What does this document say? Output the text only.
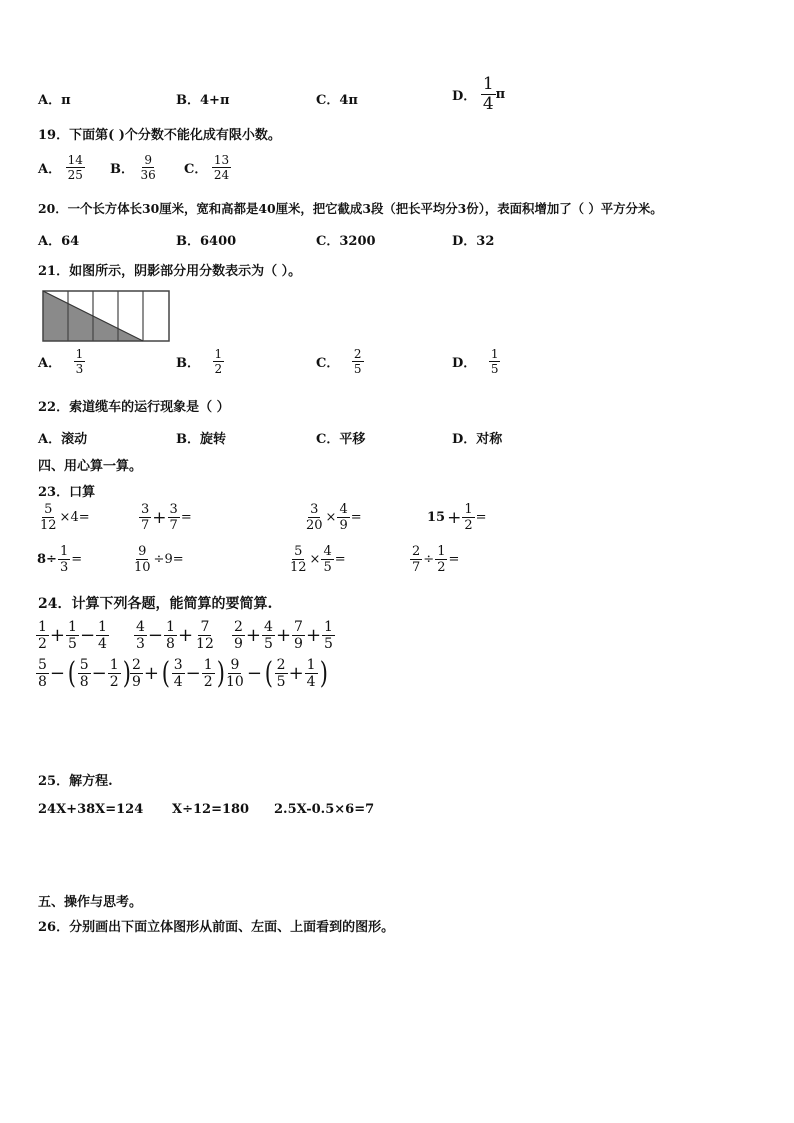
A．π	B．4+π	C．4π	D． $\frac{1}{4}$ π
19．下面第( )个分数不能化成有限小数。
A． $\frac{14}{25}$ B． $\frac{9}{36}$ C． $\frac{13}{24}$
20．一个长方体长30厘米，宽和高都是40厘米，把它截成3段（把长平均分3份），表面积增加了（ ）平方分米。
A．64	B．6400	C．3200	D．32
21．如图所示，阴影部分用分数表示为（ ）。
A． $\frac{1}{3}$	B． $\frac{1}{2}$	C． $\frac{2}{5}$	D． $\frac{1}{5}$
22．索道缆车的运行现象是（ ）
A．滚动	B．旋转	C．平移	D．对称
四、用心算一算。
23．口算
$\frac{5}{12} \times 4=$	$\frac{3}{7} + \frac{3}{7}$ =	$\frac{3}{20} \times \frac{4}{9}$ =	$15 + \frac{1}{2}$ =
$8\div \frac{1}{3}$ =	$\frac{9}{10} \div 9=$	$\frac{5}{12} \times \frac{4}{5}$ =	$\frac{2}{7} \div \frac{1}{2}$ =
24．计算下列各题，能简算的要简算.
$\frac{1}{2} + \frac{1}{5} - \frac{1}{4} \frac{4}{3} - \frac{1}{8} + \frac{7}{12} \frac{2}{9} + \frac{4}{5} + \frac{7}{9} + \frac{1}{5}$
$\frac{5}{8}$ −( $\frac{5}{8} - \frac{1}{2}$ ) $\frac{2}{9}$ +( $\frac{3}{4} - \frac{1}{2}$ ) $\frac{9}{10}$ −( $\frac{2}{5} + \frac{1}{4}$ )
25．解方程.
24X+38X=124 X÷12=180 2.5X-0.5×6=7
五、操作与思考。
26．分别画出下面立体图形从前面、左面、上面看到的图形。
